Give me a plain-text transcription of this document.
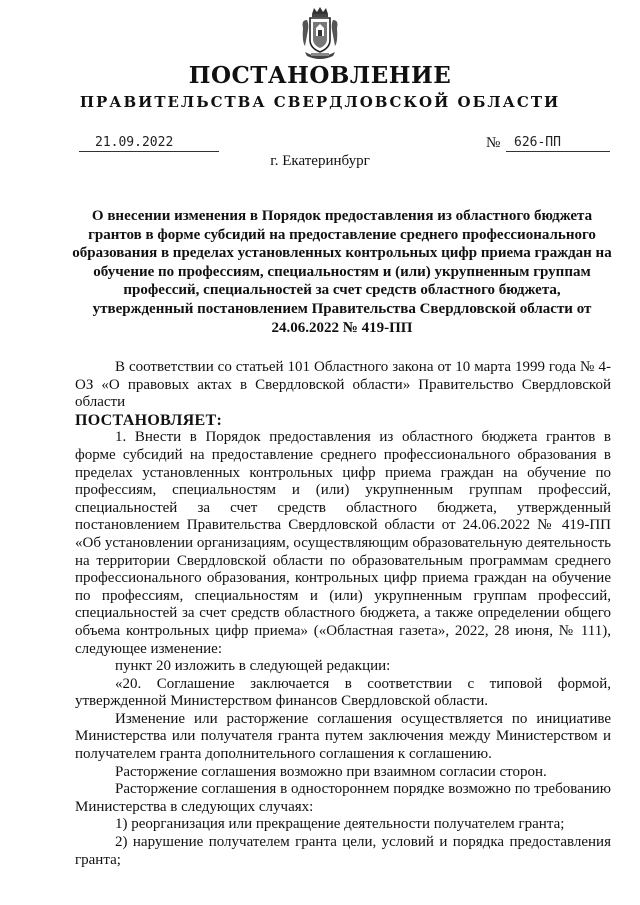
ПОСТАНОВЛЕНИЕ
ПРАВИТЕЛЬСТВА СВЕРДЛОВСКОЙ ОБЛАСТИ
21.09.2022	№	626-ПП
г. Екатеринбург

О внесении изменения в Порядок предоставления из областного бюджета грантов в форме субсидий на предоставление среднего профессионального образования в пределах установленных контрольных цифр приема граждан на обучение по профессиям, специальностям и (или) укрупненным группам профессий, специальностей за счет средств областного бюджета, утвержденный постановлением Правительства Свердловской области от 24.06.2022 № 419-ПП

В соответствии со статьей 101 Областного закона от 10 марта 1999 года № 4-ОЗ «О правовых актах в Свердловской области» Правительство Свердловской области

ПОСТАНОВЛЯЕТ:

1. Внести в Порядок предоставления из областного бюджета грантов в форме субсидий на предоставление среднего профессионального образования в пределах установленных контрольных цифр приема граждан на обучение по профессиям, специальностям и (или) укрупненным группам профессий, специальностей за счет средств областного бюджета, утвержденный постановлением Правительства Свердловской области от 24.06.2022 № 419-ПП «Об установлении организациям, осуществляющим образовательную деятельность на территории Свердловской области по образовательным программам среднего профессионального образования, контрольных цифр приема граждан на обучение по профессиям, специальностям и (или) укрупненным группам профессий, специальностей за счет средств областного бюджета, а также определении общего объема контрольных цифр приема» («Областная газета», 2022, 28 июня, № 111), следующее изменение:

пункт 20 изложить в следующей редакции:

«20. Соглашение заключается в соответствии с типовой формой, утвержденной Министерством финансов Свердловской области.

Изменение или расторжение соглашения осуществляется по инициативе Министерства или получателя гранта путем заключения между Министерством и получателем гранта дополнительного соглашения к соглашению.

Расторжение соглашения возможно при взаимном согласии сторон.

Расторжение соглашения в одностороннем порядке возможно по требованию Министерства в следующих случаях:

1) реорганизация или прекращение деятельности получателем гранта;

2) нарушение получателем гранта цели, условий и порядка предоставления гранта;
